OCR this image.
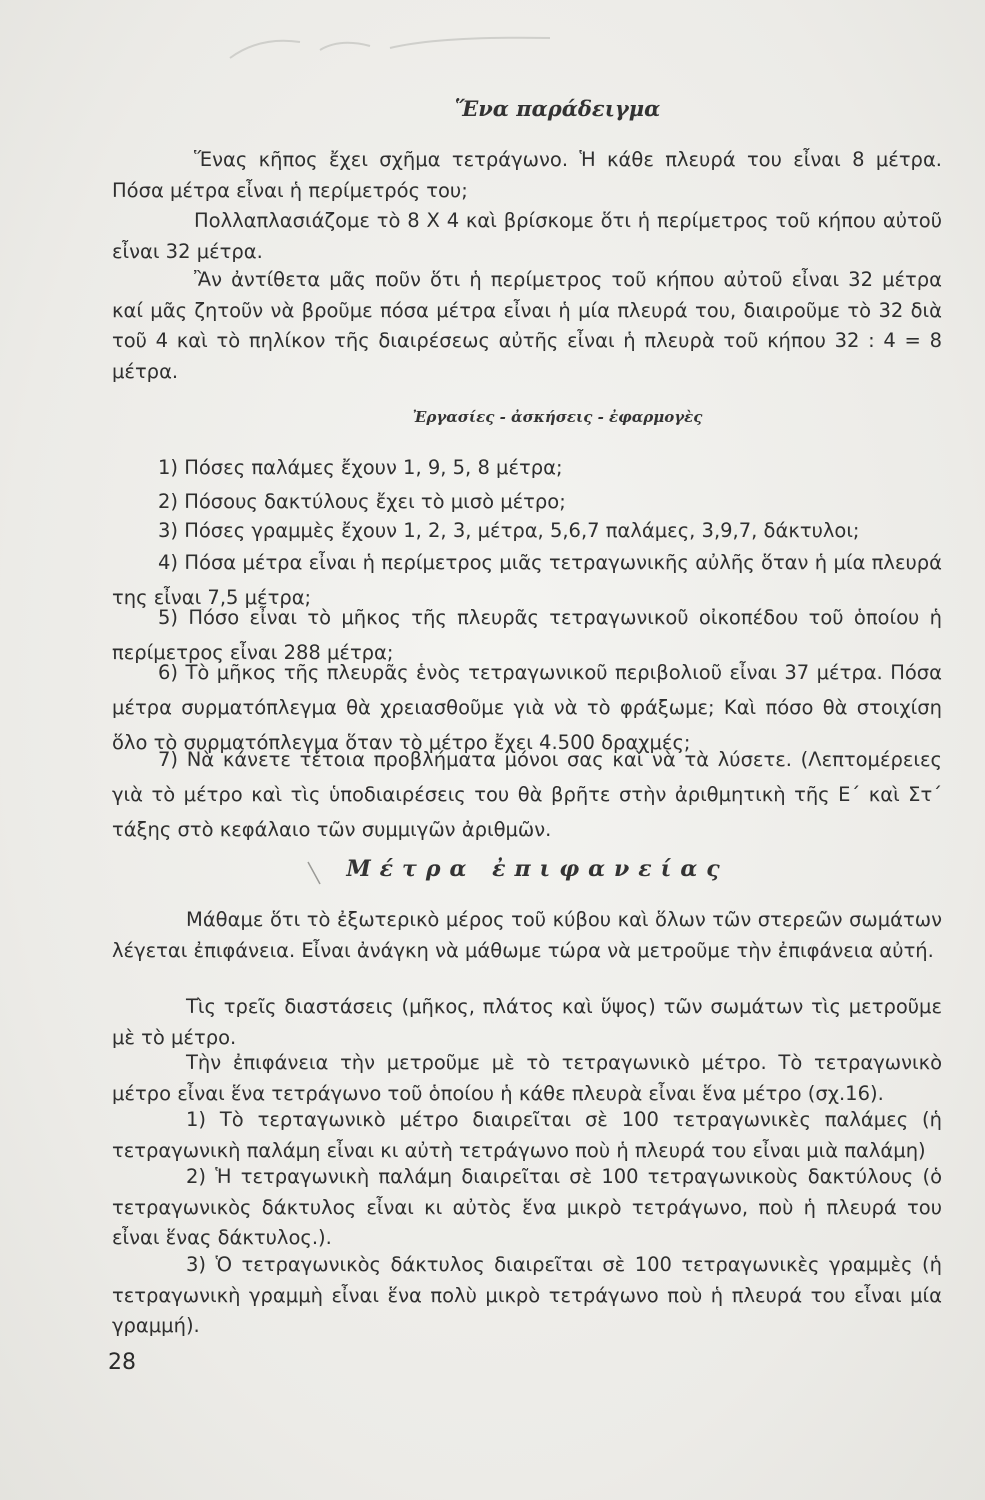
Ἕνα παράδειγμα
Ἕνας κῆπος ἔχει σχῆμα τετράγωνο. Ἡ κάθε πλευρά του εἶναι 8 μέτρα. Πόσα μέτρα εἶναι ἡ περίμετρός του;
Πολλαπλασιάζομε τὸ 8 Χ 4 καὶ βρίσκομε ὅτι ἡ περίμετρος τοῦ κήπου αὐτοῦ εἶναι 32 μέτρα.
Ἂν ἀντίθετα μᾶς ποῦν ὅτι ἡ περίμετρος τοῦ κήπου αὐτοῦ εἶναι 32 μέτρα καί μᾶς ζητοῦν νὰ βροῦμε πόσα μέτρα εἶναι ἡ μία πλευρά του, διαιροῦμε τὸ 32 διὰ τοῦ 4 καὶ τὸ πηλίκον τῆς διαιρέσεως αὐτῆς εἶναι ἡ πλευρὰ τοῦ κήπου 32 : 4 = 8 μέτρα.
Ἐργασίες - ἀσκήσεις - ἐφαρμογὲς
1) Πόσες παλάμες ἔχουν 1, 9, 5, 8 μέτρα;
2) Πόσους δακτύλους ἔχει τὸ μισὸ μέτρο;
3) Πόσες γραμμὲς ἔχουν 1, 2, 3, μέτρα, 5,6,7 παλάμες, 3,9,7, δάκτυλοι;
4) Πόσα μέτρα εἶναι ἡ περίμετρος μιᾶς τετραγωνικῆς αὐλῆς ὅταν ἡ μία πλευρά της εἶναι 7,5 μέτρα;
5) Πόσο εἶναι τὸ μῆκος τῆς πλευρᾶς τετραγωνικοῦ οἰκοπέδου τοῦ ὁποίου ἡ περίμετρος εἶναι 288 μέτρα;
6) Τὸ μῆκος τῆς πλευρᾶς ἑνὸς τετραγωνικοῦ περιβολιοῦ εἶναι 37 μέτρα. Πόσα μέτρα συρματόπλεγμα θὰ χρειασθοῦμε γιὰ νὰ τὸ φράξωμε; Καὶ πόσο θὰ στοιχίση ὅλο τὸ συρματόπλεγμα ὅταν τὸ μέτρο ἔχει 4.500 δραχμές;
7) Νὰ κάνετε τέτοια προβλήματα μόνοι σας καὶ νὰ τὰ λύσετε. (Λεπτομέρειες γιὰ τὸ μέτρο καὶ τὶς ὑποδιαιρέσεις του θὰ βρῆτε στὴν ἀριθμητικὴ τῆς Ε΄ καὶ Στ΄ τάξης στὸ κεφάλαιο τῶν συμμιγῶν ἀριθμῶν.
Μέτρα ἐπιφανείας
Μάθαμε ὅτι τὸ ἐξωτερικὸ μέρος τοῦ κύβου καὶ ὅλων τῶν στερεῶν σωμάτων λέγεται ἐπιφάνεια. Εἶναι ἀνάγκη νὰ μάθωμε τώρα νὰ μετροῦμε τὴν ἐπιφάνεια αὐτή.
Τὶς τρεῖς διαστάσεις (μῆκος, πλάτος καὶ ὕψος) τῶν σωμάτων τὶς μετροῦμε μὲ τὸ μέτρο.
Τὴν ἐπιφάνεια τὴν μετροῦμε μὲ τὸ τετραγωνικὸ μέτρο. Τὸ τετραγωνικὸ μέτρο εἶναι ἕνα τετράγωνο τοῦ ὁποίου ἡ κάθε πλευρὰ εἶναι ἕνα μέτρο (σχ.16).
1) Τὸ τερταγωνικὸ μέτρο διαιρεῖται σὲ 100 τετραγωνικὲς παλάμες (ἡ τετραγωνικὴ παλάμη εἶναι κι αὐτὴ τετράγωνο ποὺ ἡ πλευρά του εἶναι μιὰ παλάμη)
2) Ἡ τετραγωνικὴ παλάμη διαιρεῖται σὲ 100 τετραγωνικοὺς δακτύλους (ὁ τετραγωνικὸς δάκτυλος εἶναι κι αὐτὸς ἕνα μικρὸ τετράγωνο, ποὺ ἡ πλευρά του εἶναι ἕνας δάκτυλος.).
3) Ὁ τετραγωνικὸς δάκτυλος διαιρεῖται σὲ 100 τετραγωνικὲς γραμμὲς (ἡ τετραγωνικὴ γραμμὴ εἶναι ἕνα πολὺ μικρὸ τετράγωνο ποὺ ἡ πλευρά του εἶναι μία γραμμή).
28
